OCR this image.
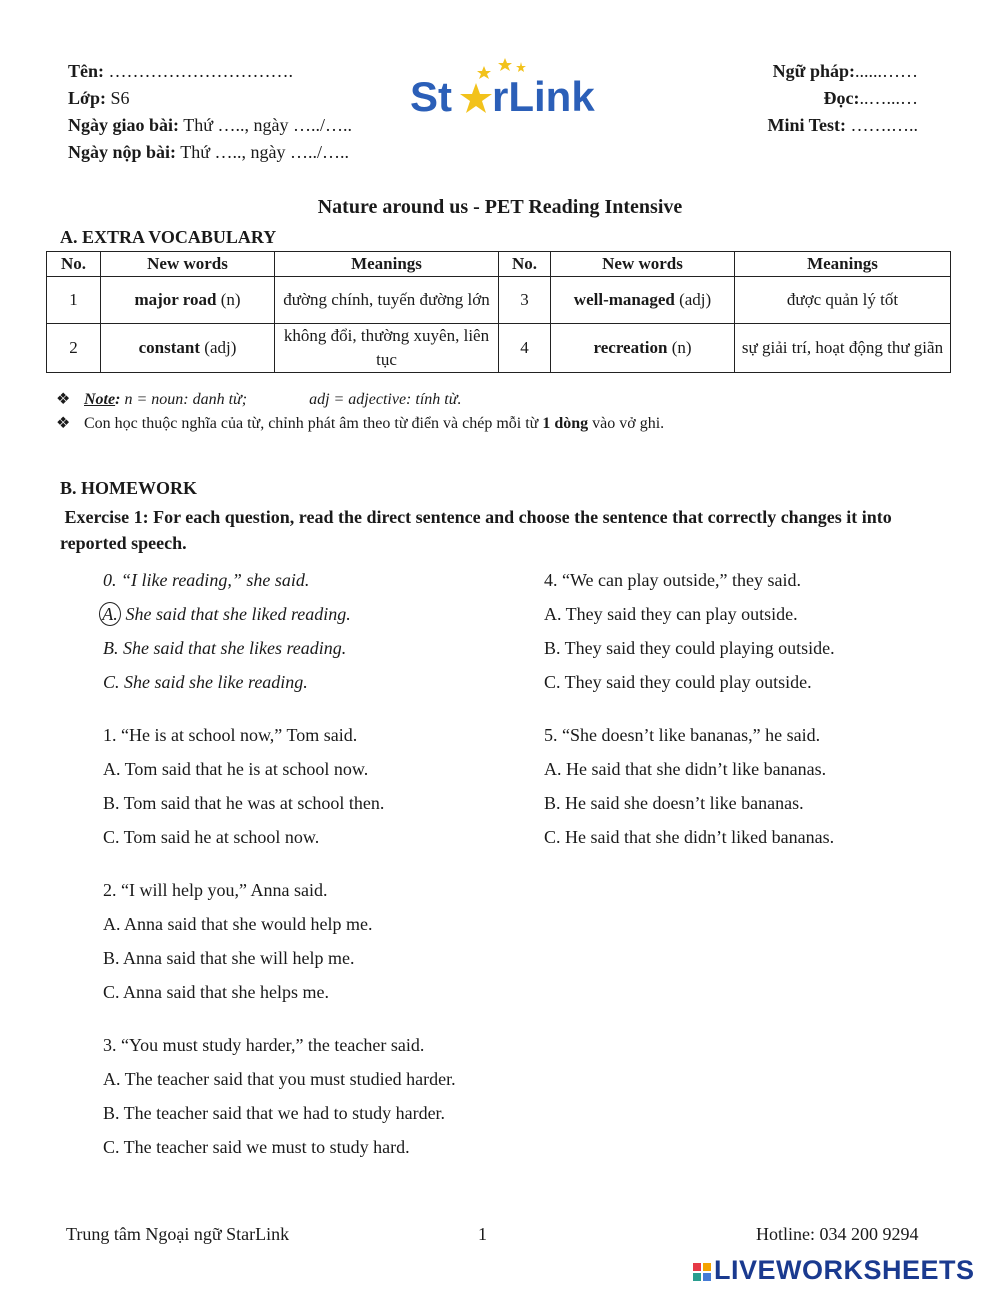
Tên: ………………………….
Lớp: S6
Ngày giao bài: Thứ ….., ngày …../…..
Ngày nộp bài: Thứ ….., ngày …../…..
St rLink
Ngữ pháp:......……
Đọc:..…...…
Mini Test: …….…..
Nature around us - PET Reading Intensive
A. EXTRA VOCABULARY
No.	New words	Meanings	No.	New words	Meanings
1	major road (n)	đường chính, tuyến đường lớn	3	well-managed (adj)	được quản lý tốt
2	constant (adj)	không đổi, thường xuyên, liên tục	4	recreation (n)	sự giải trí, hoạt động thư giãn
❖ Note: n = noun: danh từ;	adj = adjective: tính từ.
❖ Con học thuộc nghĩa của từ, chỉnh phát âm theo từ điển và chép mỗi từ 1 dòng vào vở ghi.
B. HOMEWORK
Exercise 1: For each question, read the direct sentence and choose the sentence that correctly changes it into reported speech.
0. “I like reading,” she said.
A. She said that she liked reading.
B. She said that she likes reading.
C. She said she like reading.
1. “He is at school now,” Tom said.
A. Tom said that he is at school now.
B. Tom said that he was at school then.
C. Tom said he at school now.
2. “I will help you,” Anna said.
A. Anna said that she would help me.
B. Anna said that she will help me.
C. Anna said that she helps me.
3. “You must study harder,” the teacher said.
A. The teacher said that you must studied harder.
B. The teacher said that we had to study harder.
C. The teacher said we must to study hard.
4. “We can play outside,” they said.
A. They said they can play outside.
B. They said they could playing outside.
C. They said they could play outside.
5. “She doesn’t like bananas,” he said.
A. He said that she didn’t like bananas.
B. He said she doesn’t like bananas.
C. He said that she didn’t liked bananas.
Trung tâm Ngoại ngữ StarLink	1	Hotline: 034 200 9294

LIVEWORKSHEETS
